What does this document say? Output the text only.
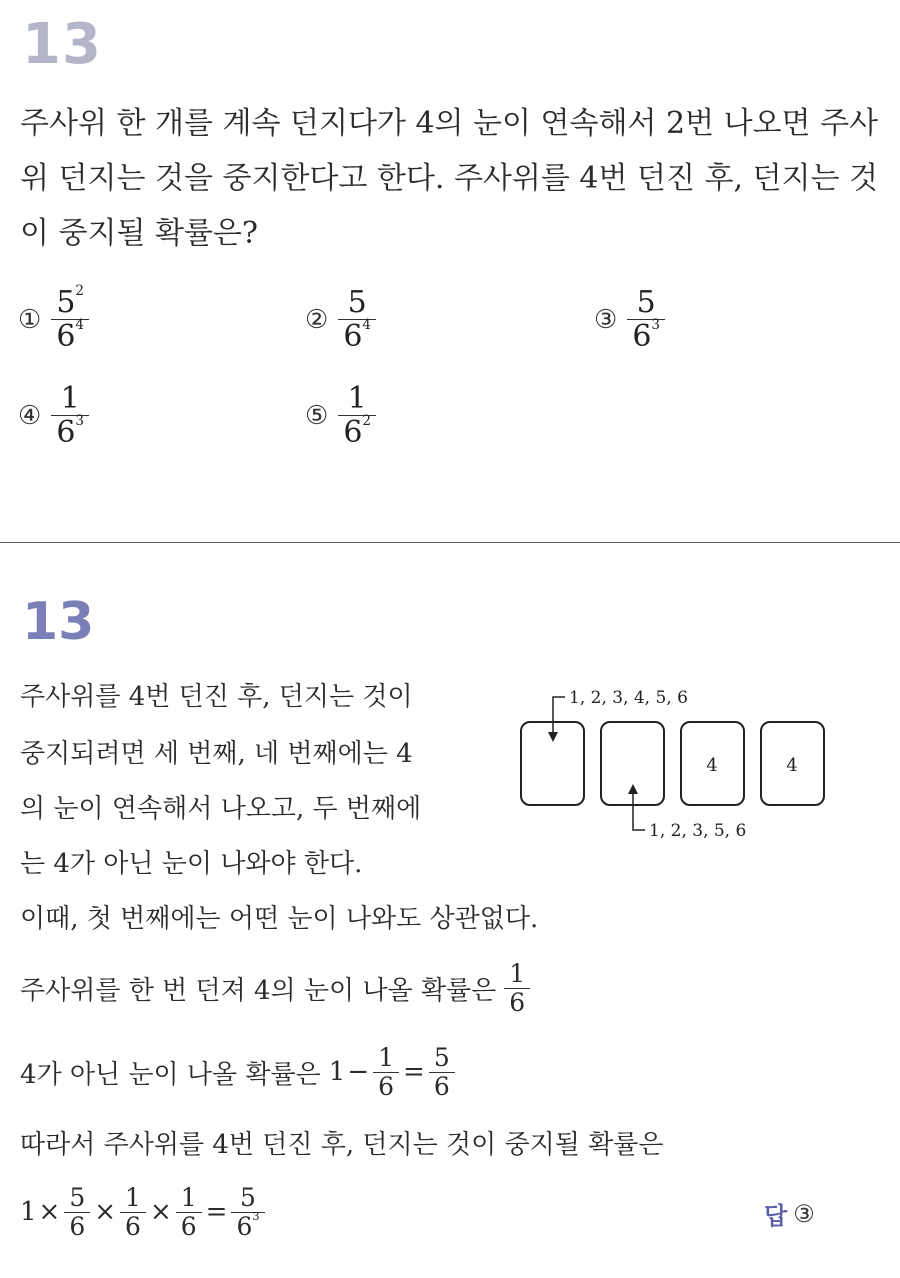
13
주사위 한 개를 계속 던지다가 4의 눈이 연속해서 2번 나오면 주사위 던지는 것을 중지한다고 한다. 주사위를 4번 던진 후, 던지는 것이 중지될 확률은?
① $\frac{5^2}{6^4}$	② $\frac{5}{6^4}$	③ $\frac{5}{6^3}$
④ $\frac{1}{6^3}$	⑤ $\frac{1}{6^2}$
13
주사위를 4번 던진 후, 던지는 것이
중지되려면 세 번째, 네 번째에는 4
의 눈이 연속해서 나오고, 두 번째에
는 4가 아닌 눈이 나와야 한다.
이때, 첫 번째에는 어떤 눈이 나와도 상관없다.
4	4
1, 2, 3, 4, 5, 6
1, 2, 3, 5, 6
주사위를 한 번 던져 4의 눈이 나올 확률은 $\frac{1}{6}$
4가 아닌 눈이 나올 확률은 $1 - \frac{1}{6} = \frac{5}{6}$
따라서 주사위를 4번 던진 후, 던지는 것이 중지될 확률은
$1 \times \frac{5}{6} \times \frac{1}{6} \times \frac{1}{6} = \frac{5}{6^3}$	답 ③
